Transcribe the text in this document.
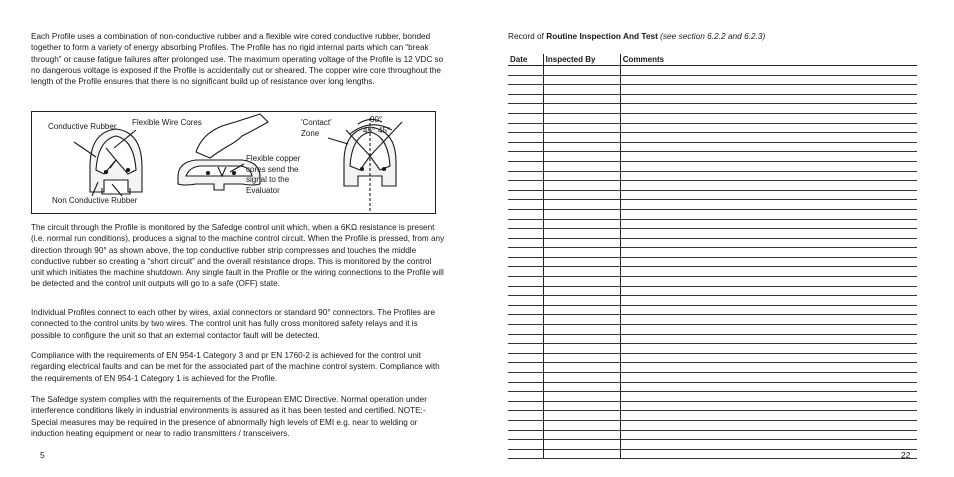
Each Profile uses a combination of non-conductive rubber and a flexible wire cored conductive rubber, bonded together to form a variety of energy absorbing Profiles. The Profile has no rigid internal parts which can “break through” or cause fatigue failures after prolonged use. The maximum operating voltage of the Profile is 12 VDC so no dangerous voltage is exposed if the Profile is accidentally cut or sheared. The copper wire core throughout the length of the Profile ensures that there is no significant build up of resistance over long lengths.

Conductive Rubber Flexible Wire Cores
Non Conductive Rubber
Flexible copper cores send the signal to the Evaluator
'Contact' Zone
90°
45° 45°

The circuit through the Profile is monitored by the Safedge control unit which, when a 6KΩ resistance is present (i.e. normal run conditions), produces a signal to the machine control circuit. When the Profile is pressed, from any direction through 90° as shown above, the top conductive rubber strip compresses and touches the middle conductive rubber so creating a “short circuit” and the overall resistance drops. This is monitored by the control unit which initiates the machine shutdown. Any single fault in the Profile or the wiring connections to the Profile will be detected and the control unit outputs will go to a safe (OFF) state.

Individual Profiles connect to each other by wires, axial connectors or standard 90° connectors. The Profiles are connected to the control units by two wires. The control unit has fully cross monitored safety relays and it is possible to configure the unit so that an external contactor fault will be detected.

Compliance with the requirements of EN 954-1 Category 3 and pr EN 1760-2 is achieved for the control unit regarding electrical faults and can be met for the associated part of the machine control system. Compliance with the requirements of EN 954-1 Category 1 is achieved for the Profile.

The Safedge system complies with the requirements of the European EMC Directive. Normal operation under interference conditions likely in industrial environments is assured as it has been tested and certified. NOTE:- Special measures may be required in the presence of abnormally high levels of EMI e.g. near to welding or induction heating equipment or near to radio transmitters / transceivers.

5
Record of Routine Inspection And Test (see section 6.2.2 and 6.2.3)
Date	Inspected By	Comments

22
